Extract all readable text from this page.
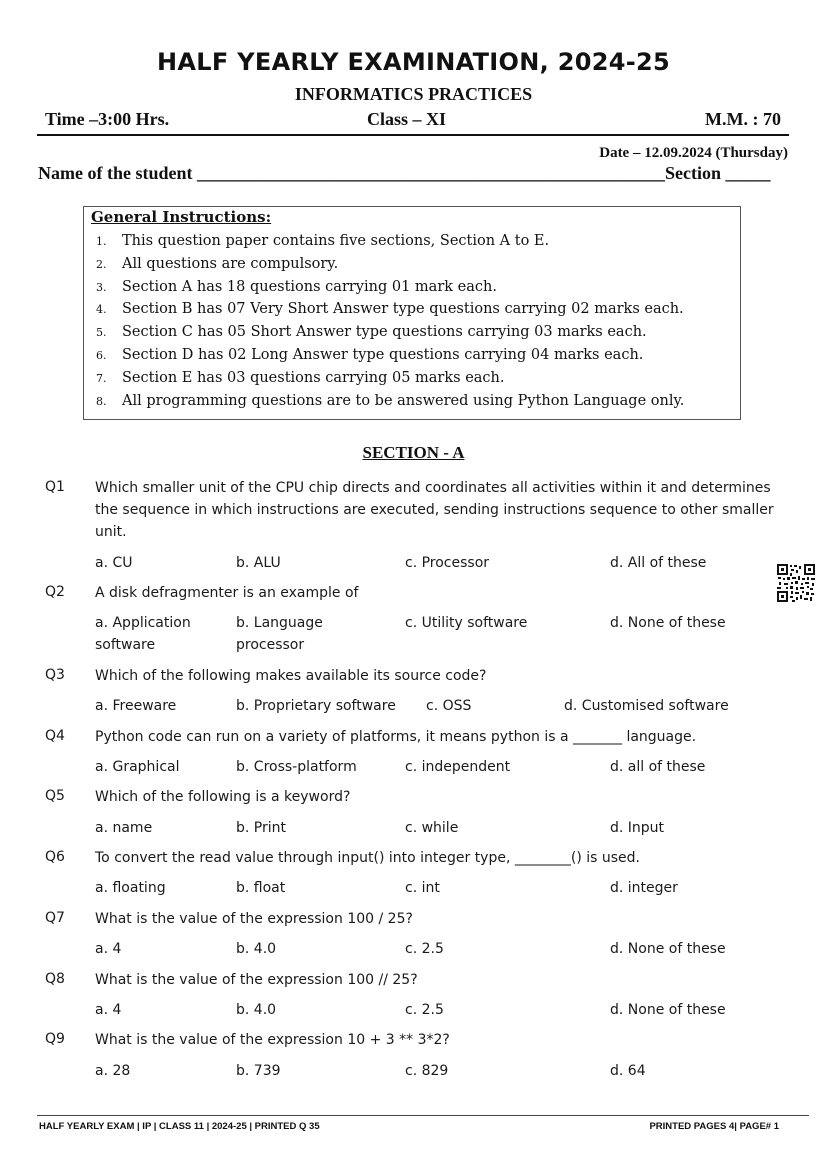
HALF YEARLY EXAMINATION, 2024-25
INFORMATICS PRACTICES
Time –3:00 Hrs.	Class – XI	M.M. : 70
Date – 12.09.2024 (Thursday)
Name of the student ____________________________________________________Section _____
General Instructions:
1.	This question paper contains five sections, Section A to E.
2.	All questions are compulsory.
3.	Section A has 18 questions carrying 01 mark each.
4.	Section B has 07 Very Short Answer type questions carrying 02 marks each.
5.	Section C has 05 Short Answer type questions carrying 03 marks each.
6.	Section D has 02 Long Answer type questions carrying 04 marks each.
7.	Section E has 03 questions carrying 05 marks each.
8.	All programming questions are to be answered using Python Language only.
SECTION - A
Q1 Which smaller unit of the CPU chip directs and coordinates all activities within it and determines the sequence in which instructions are executed, sending instructions sequence to other smaller unit.
a. CU	b. ALU	c. Processor	d. All of these
Q2 A disk defragmenter is an example of
a. Application software
b. Language processor
c. Utility software	d. None of these
Q3 Which of the following makes available its source code?
a. Freeware	b. Proprietary software c. OSS	d. Customised software
Q4 Python code can run on a variety of platforms, it means python is a _______ language.
a. Graphical	b. Cross-platform	c. independent	d. all of these
Q5 Which of the following is a keyword?
a. name	b. Print	c. while	d. Input
Q6 To convert the read value through input() into integer type, ________() is used.
a. floating	b. float	c. int	d. integer
Q7 What is the value of the expression 100 / 25?
a. 4	b. 4.0	c. 2.5	d. None of these
Q8 What is the value of the expression 100 // 25?
a. 4	b. 4.0	c. 2.5	d. None of these
Q9 What is the value of the expression 10 + 3 ** 3*2?
a. 28	b. 739	c. 829	d. 64
HALF YEARLY EXAM | IP | CLASS 11 | 2024-25 | PRINTED Q 35	PRINTED PAGES 4| PAGE# 1
